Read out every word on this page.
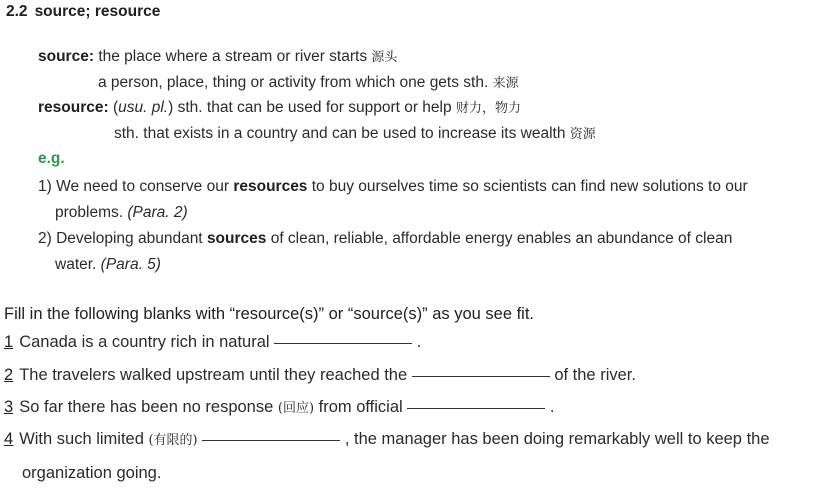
2.2 source; resource
source: the place where a stream or river starts 源头
a person, place, thing or activity from which one gets sth. 来源
resource: (usu. pl.) sth. that can be used for support or help 财力，物力
sth. that exists in a country and can be used to increase its wealth 资源
e.g.
1) We need to conserve our resources to buy ourselves time so scientists can find new solutions to our
problems. (Para. 2)
2) Developing abundant sources of clean, reliable, affordable energy enables an abundance of clean
water. (Para. 5)
Fill in the following blanks with “resource(s)” or “source(s)” as you see fit.
1 Canada is a country rich in natural	.
2 The travelers walked upstream until they reached the	of the river.
3 So far there has been no response (回应) from official	.
4 With such limited (有限的)	, the manager has been doing remarkably well to keep the
organization going.
